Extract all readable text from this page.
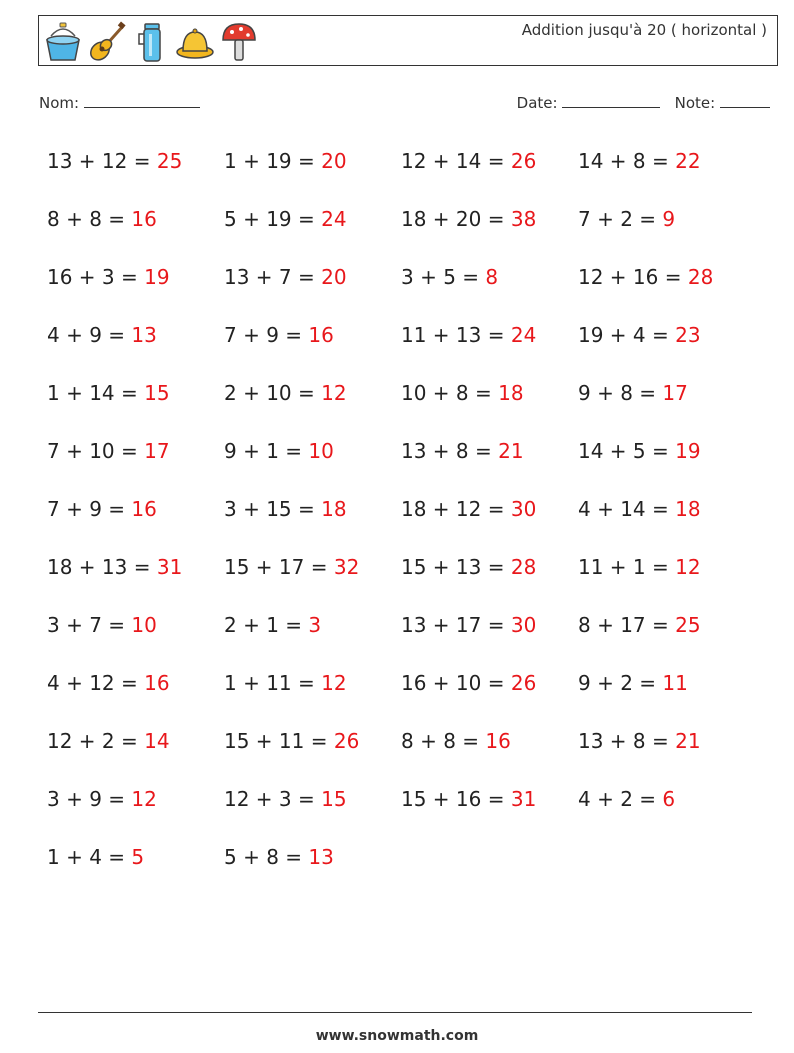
Addition jusqu'à 20 ( horizontal )
Nom:	Date:	Note:
13 + 12 = 25	1 + 19 = 20	12 + 14 = 26	14 + 8 = 22
8 + 8 = 16	5 + 19 = 24	18 + 20 = 38	7 + 2 = 9
16 + 3 = 19	13 + 7 = 20	3 + 5 = 8	12 + 16 = 28
4 + 9 = 13	7 + 9 = 16	11 + 13 = 24	19 + 4 = 23
1 + 14 = 15	2 + 10 = 12	10 + 8 = 18	9 + 8 = 17
7 + 10 = 17	9 + 1 = 10	13 + 8 = 21	14 + 5 = 19
7 + 9 = 16	3 + 15 = 18	18 + 12 = 30	4 + 14 = 18
18 + 13 = 31	15 + 17 = 32	15 + 13 = 28	11 + 1 = 12
3 + 7 = 10	2 + 1 = 3	13 + 17 = 30	8 + 17 = 25
4 + 12 = 16	1 + 11 = 12	16 + 10 = 26	9 + 2 = 11
12 + 2 = 14	15 + 11 = 26	8 + 8 = 16	13 + 8 = 21
3 + 9 = 12	12 + 3 = 15	15 + 16 = 31	4 + 2 = 6
1 + 4 = 5	5 + 8 = 13
www.snowmath.com
